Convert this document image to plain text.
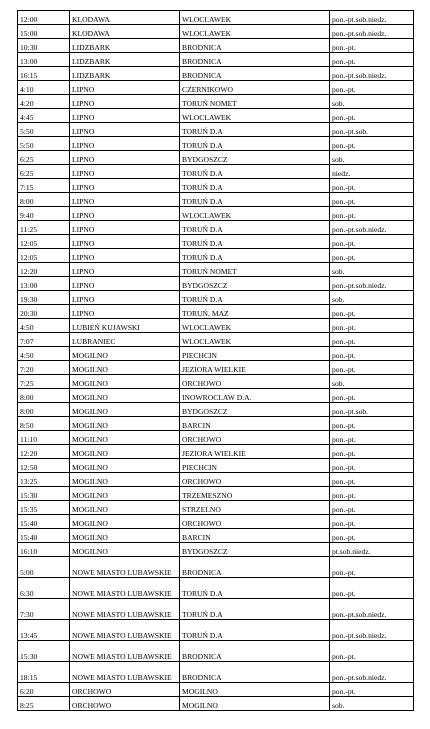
12:00	KLODAWA	WLOCLAWEK	pon.-pt.sob.niedz.
15:00	KLODAWA	WLOCLAWEK	pon.-pt.sob.niedz.
10:30	LIDZBARK	BRODNICA	pon.-pt.
13:00	LIDZBARK	BRODNICA	pon.-pt.
16:15	LIDZBARK	BRODNICA	pon.-pt.sob.niedz.
4:10	LIPNO	CZERNIKOWO	pon.-pt.
4:20	LIPNO	TORUŃ NOMET	sob.
4:45	LIPNO	WLOCLAWEK	pon.-pt.
5:50	LIPNO	TORUŃ D.A	pon.-pt.sob.
5:50	LIPNO	TORUŃ D.A	pon.-pt.
6:25	LIPNO	BYDGOSZCZ	sob.
6:25	LIPNO	TORUŃ D.A	niedz.
7:15	LIPNO	TORUŃ D.A	pon.-pt.
8:00	LIPNO	TORUŃ D.A	pon.-pt.
9:40	LIPNO	WLOCLAWEK	pon.-pt.
11:25	LIPNO	TORUŃ D.A	pon.-pt.sob.niedz.
12:05	LIPNO	TORUŃ D.A	pon.-pt.
12:05	LIPNO	TORUŃ D.A	pon.-pt.
12:20	LIPNO	TORUŃ NOMET	sob.
13:00	LIPNO	BYDGOSZCZ	pon.-pt.sob.niedz.
19:30	LIPNO	TORUŃ D.A	sob.
20:30	LIPNO	TORUŃ, MAZ	pon.-pt.
4:50	LUBIEŃ KUJAWSKI	WLOCLAWEK	pon.-pt.
7:07	LUBRANIEC	WLOCLAWEK	pon.-pt.
4:50	MOGILNO	PIECHCIN	pon.-pt.
7:20	MOGILNO	JEZIORA WIELKIE	pon.-pt.
7:25	MOGILNO	ORCHOWO	sob.
8:00	MOGILNO	INOWROCLAW D.A.	pon.-pt.
8:00	MOGILNO	BYDGOSZCZ	pon.-pt.sob.
8:50	MOGILNO	BARCIN	pon.-pt.
11:10	MOGILNO	ORCHOWO	pon.-pt.
12:20	MOGILNO	JEZIORA WIELKIE	pon.-pt.
12:50	MOGILNO	PIECHCIN	pon.-pt.
13:25	MOGILNO	ORCHOWO	pon.-pt.
15:30	MOGILNO	TRZEMESZNO	pon.-pt.
15:35	MOGILNO	STRZELNO	pon.-pt.
15:40	MOGILNO	ORCHOWO	pon.-pt.
15:40	MOGILNO	BARCIN	pon.-pt.
16:10	MOGILNO	BYDGOSZCZ	pt.sob.niedz.
5:00	NOWE MIASTO LUBAWSKIE	BRODNICA	pon.-pt.
6:30	NOWE MIASTO LUBAWSKIE	TORUŃ D.A	pon.-pt.
7:30	NOWE MIASTO LUBAWSKIE	TORUŃ D.A	pon.-pt.sob.niedz.
13:45	NOWE MIASTO LUBAWSKIE	TORUŃ D.A	pon.-pt.sob.niedz.
15:30	NOWE MIASTO LUBAWSKIE	BRODNICA	pon.-pt.
18:15	NOWE MIASTO LUBAWSKIE	BRODNICA	pon.-pt.sob.niedz.
6:20	ORCHOWO	MOGILNO	pon.-pt.
8:25	ORCHOWO	MOGILNO	sob.
